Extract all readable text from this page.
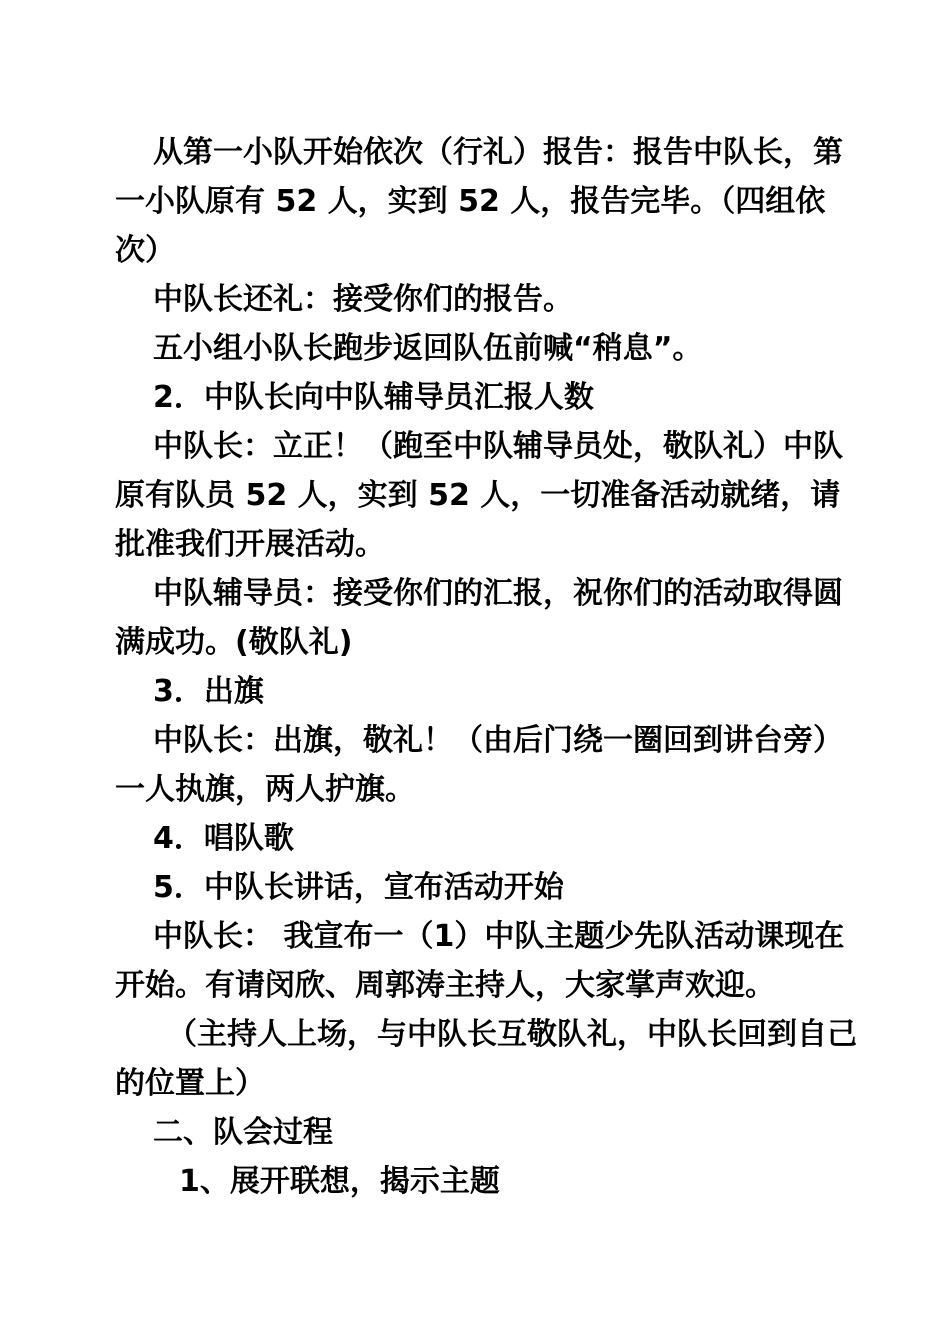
从第一小队开始依次（行礼）报告：报告中队长，第一小队原有 52 人，实到 52 人，报告完毕。（四组依次）

中队长还礼：接受你们的报告。

五小组小队长跑步返回队伍前喊“稍息”。

2．中队长向中队辅导员汇报人数

中队长：立正！（跑至中队辅导员处，敬队礼）中队原有队员 52 人，实到 52 人，一切准备活动就绪，请批准我们开展活动。

中队辅导员：接受你们的汇报，祝你们的活动取得圆满成功。(敬队礼)

3．出旗

中队长：出旗，敬礼！（由后门绕一圈回到讲台旁）一人执旗，两人护旗。

4．唱队歌

5．中队长讲话，宣布活动开始

中队长： 我宣布一（1）中队主题少先队活动课现在开始。有请闵欣、周郭涛主持人，大家掌声欢迎。

（主持人上场，与中队长互敬队礼，中队长回到自己的位置上）

二、队会过程

1、展开联想，揭示主题
